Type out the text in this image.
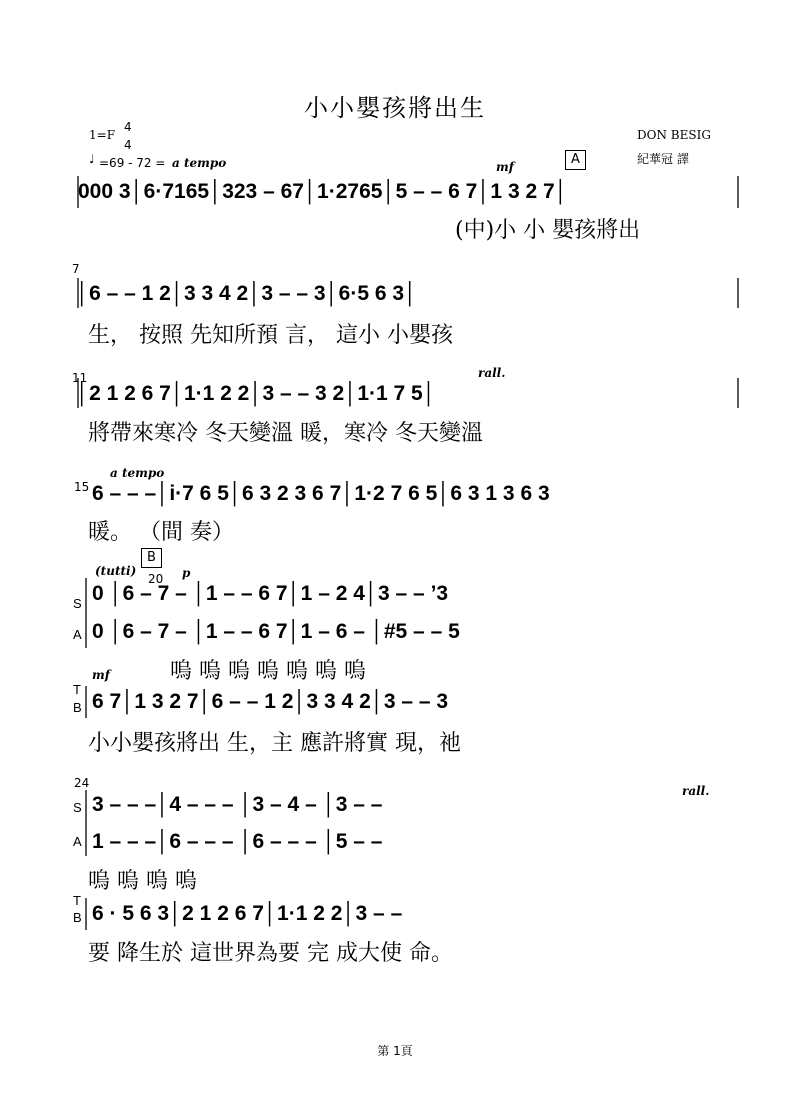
小小嬰孩將出生
1=F
4
4
♩ =69 - 72 = a tempo
DON BESIG
紀華冠 譯
mf	A
000 3│6·7165│323 – 67│1·2765│5 – – 6 7│1 3 2 7│
(中)小 小 嬰孩將出
7
│6 – – 1 2│3 3 4 2│3 – – 3│6·5 6 3│
生， 按照 先知所預 言， 這小 小嬰孩
11	rall.
│2 1 2 6 7│1·1 2 2│3 – – 3 2│1·1 7 5│
將帶來寒冷 冬天變溫 暖，寒冷 冬天變溫
15
a tempo
6 – – –│i·7 6 5│6 3 2 3 6 7│1·2 7 6 5│6 3 1 3 6 3
暖。 （間 奏）
(tutti)
B
20 p
S
A
0 │6 – 7 – │1 – – 6 7│1 – 2 4│3 – – ’3
0 │6 – 7 – │1 – – 6 7│1 – 6 – │#5 – – 5
嗚 嗚 嗚 嗚 嗚 嗚 嗚
mf
T
B 6 7│1 3 2 7│6 – – 1 2│3 3 4 2│3 – – 3
小小嬰孩將出 生，主 應許將實 現，祂
24
rall.
S
A
3 – – –│4 – – – │3 – 4 – │3 – –
1 – – –│6 – – – │6 – – – │5 – –
嗚 嗚 嗚 嗚
T
B 6 · 5 6 3│2 1 2 6 7│1·1 2 2│3 – –
要 降生於 這世界為要 完 成大使 命。
第 1頁
